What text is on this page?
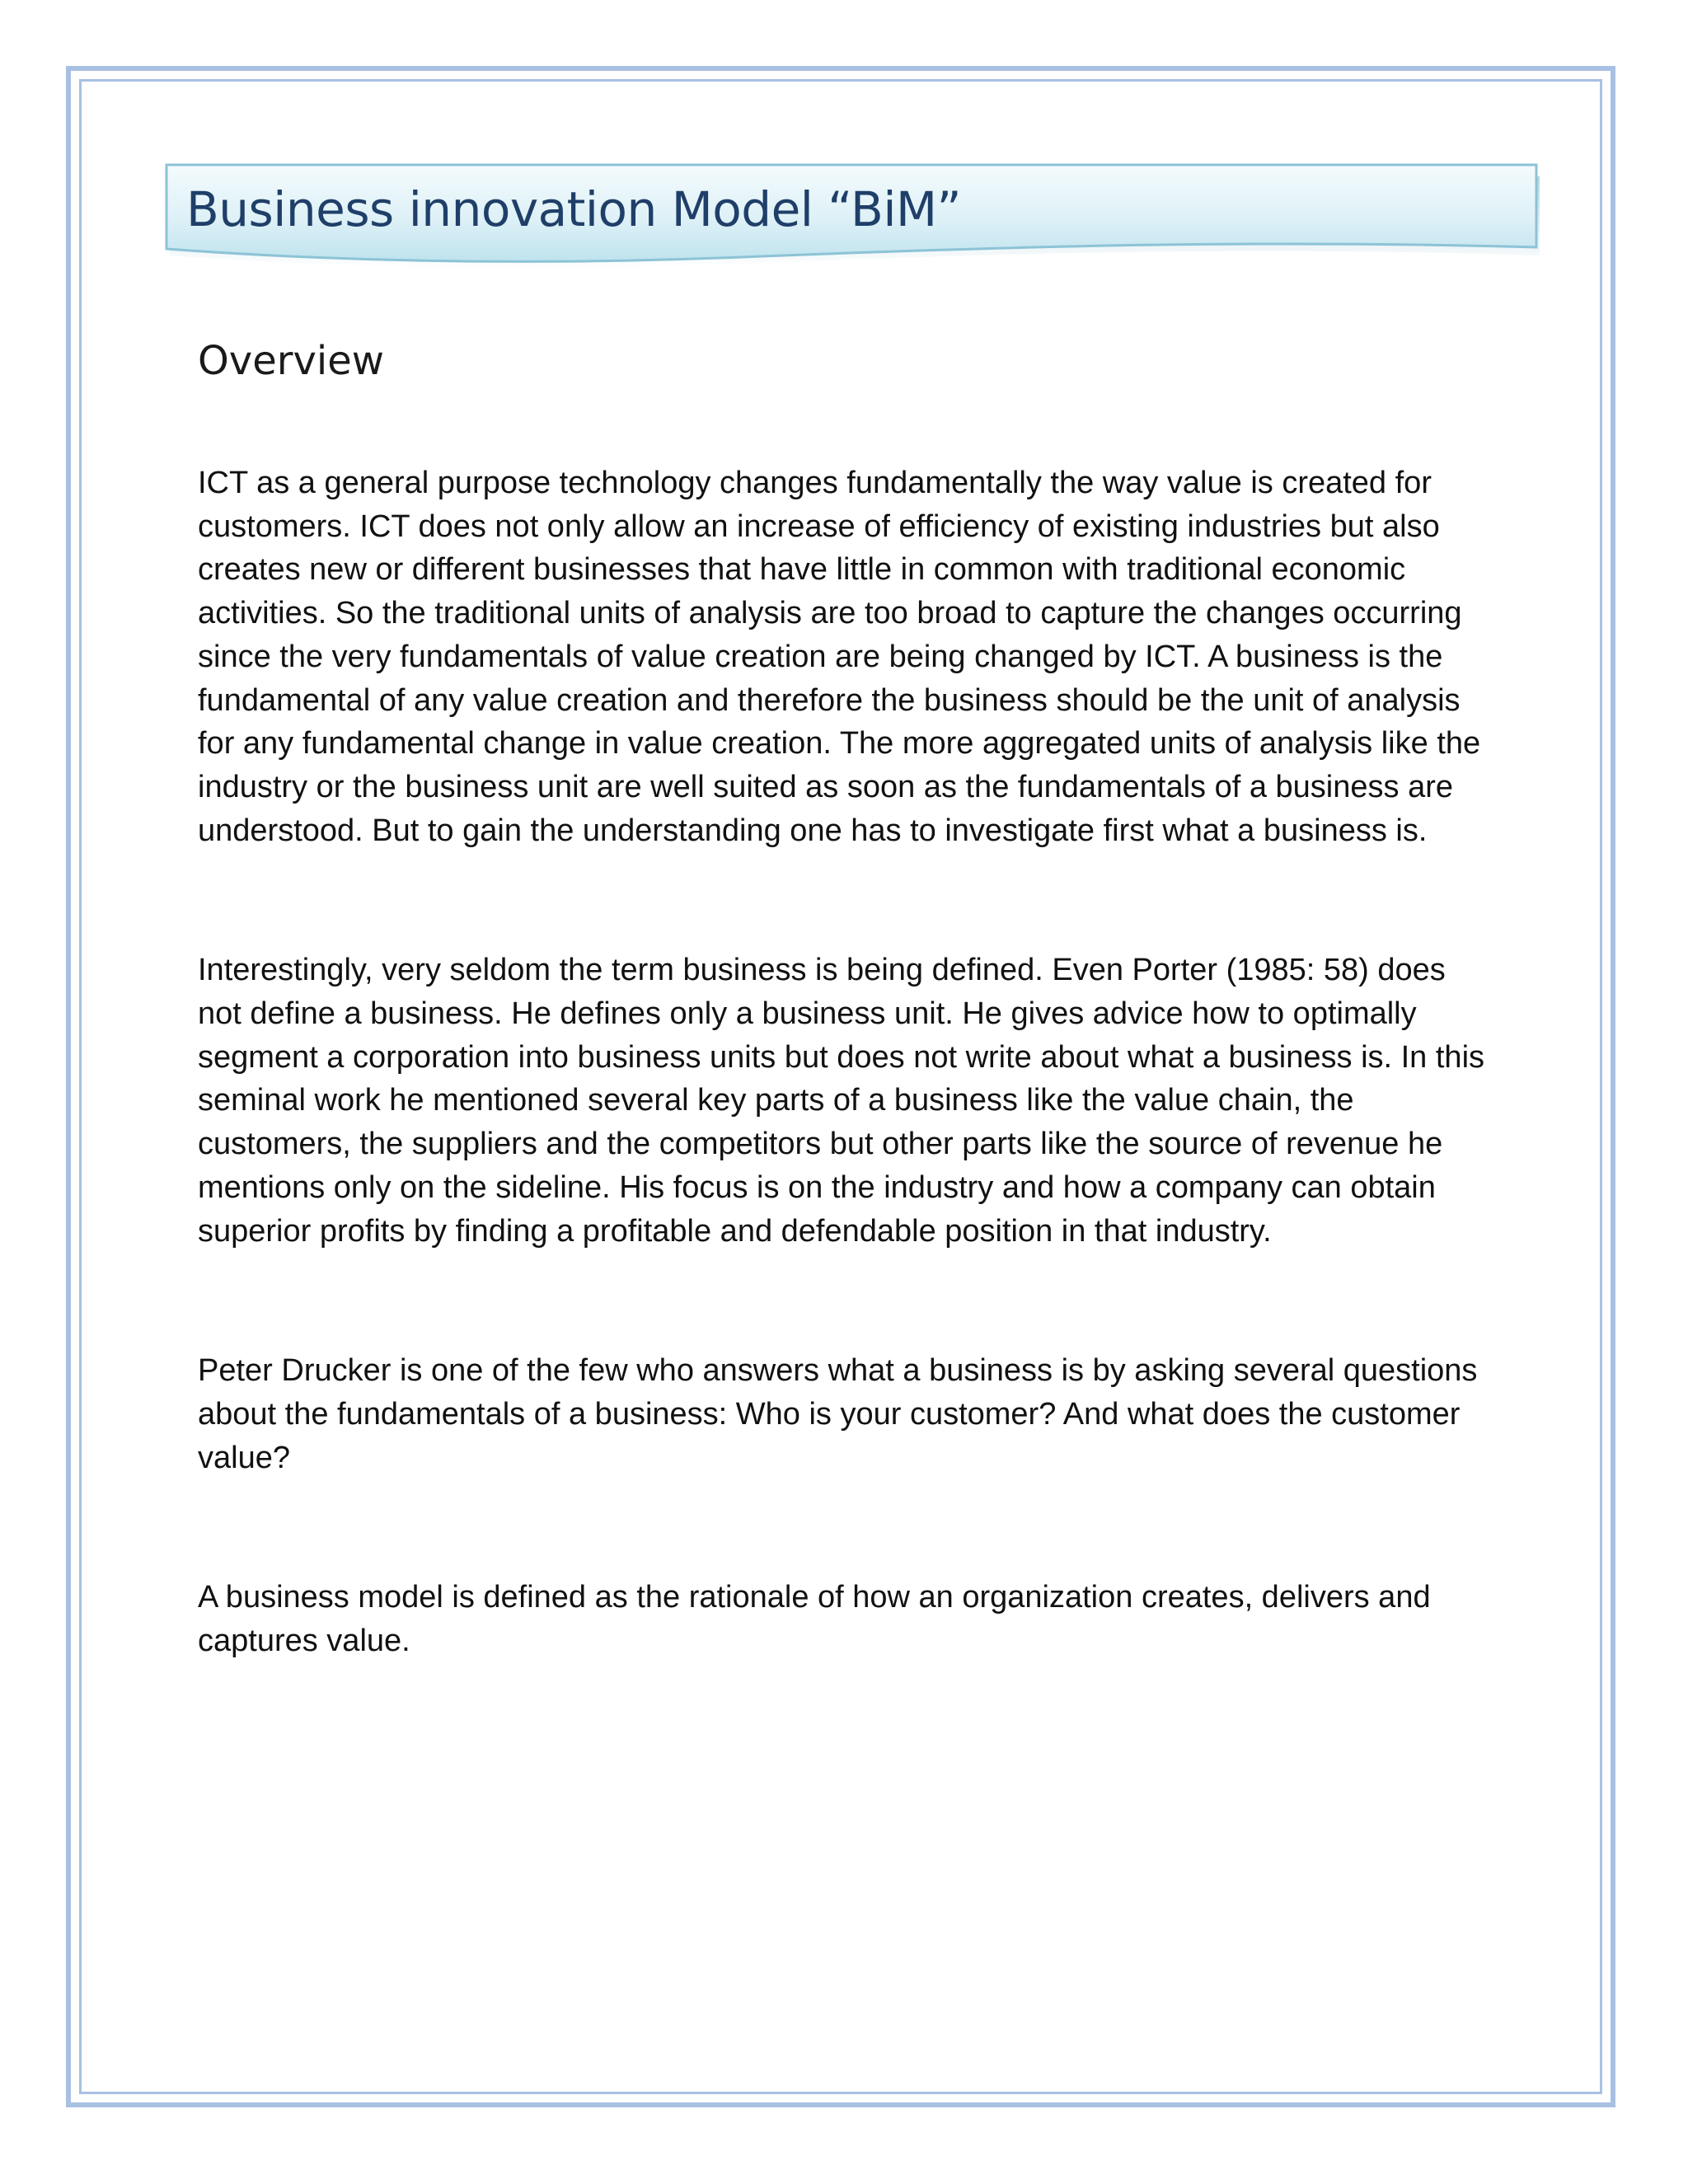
Business innovation Model “BiM”
Overview

ICT as a general purpose technology changes fundamentally the way value is created for customers. ICT does not only allow an increase of efficiency of existing industries but also creates new or different businesses that have little in common with traditional economic activities. So the traditional units of analysis are too broad to capture the changes occurring since the very fundamentals of value creation are being changed by ICT. A business is the fundamental of any value creation and therefore the business should be the unit of analysis for any fundamental change in value creation. The more aggregated units of analysis like the industry or the business unit are well suited as soon as the fundamentals of a business are understood. But to gain the understanding one has to investigate first what a business is.

Interestingly, very seldom the term business is being defined. Even Porter (1985: 58) does not define a business. He defines only a business unit. He gives advice how to optimally segment a corporation into business units but does not write about what a business is. In this seminal work he mentioned several key parts of a business like the value chain, the customers, the suppliers and the competitors but other parts like the source of revenue he mentions only on the sideline. His focus is on the industry and how a company can obtain superior profits by finding a profitable and defendable position in that industry.

Peter Drucker is one of the few who answers what a business is by asking several questions about the fundamentals of a business: Who is your customer? And what does the customer value?

A business model is defined as the rationale of how an organization creates, delivers and captures value.
